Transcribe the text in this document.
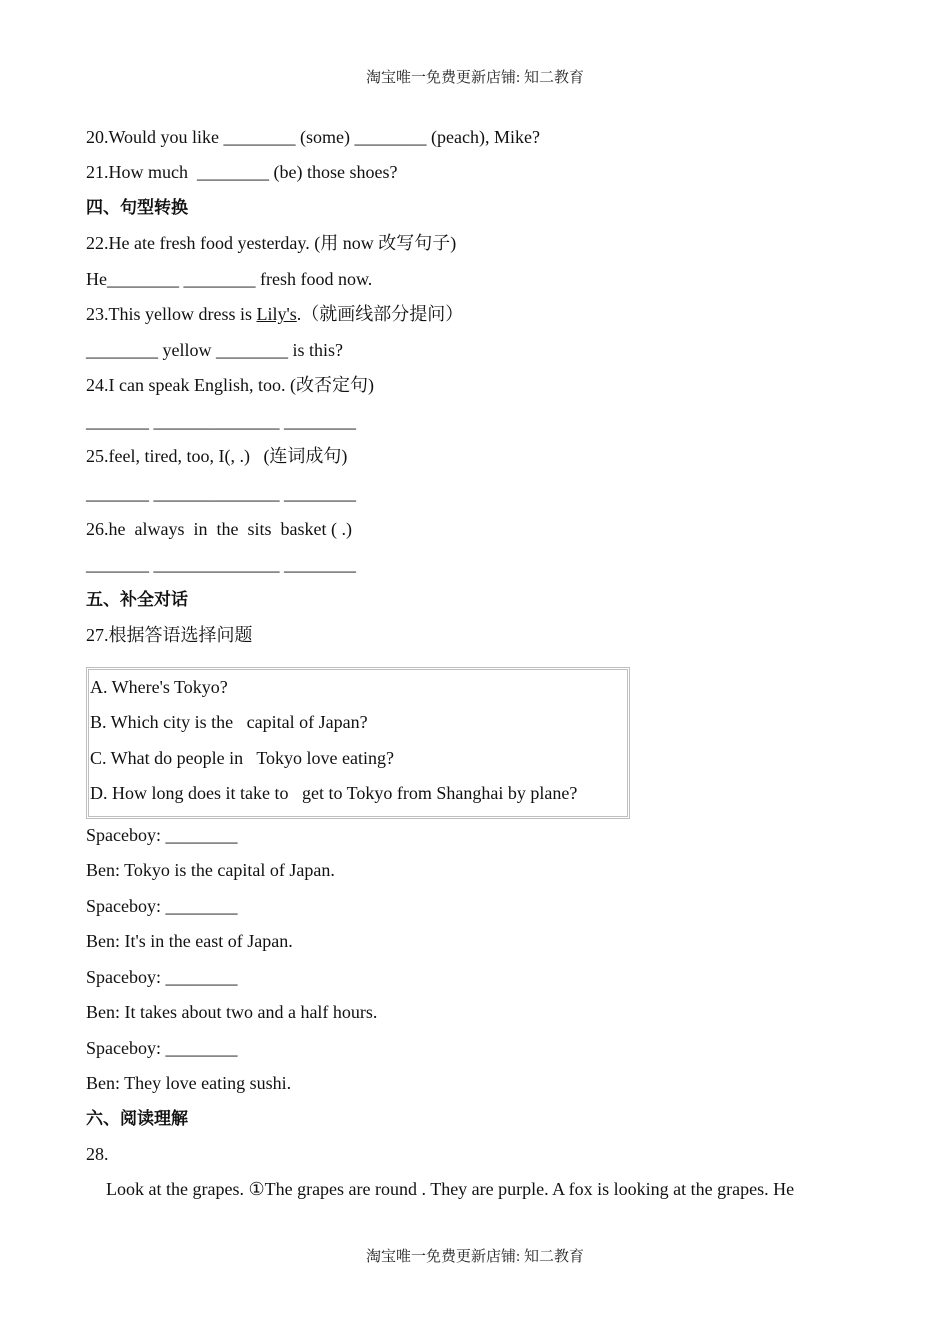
淘宝唯一免费更新店铺: 知二教育
20.Would you like ________ (some) ________ (peach), Mike?
21.How much  ________ (be) those shoes?
四、句型转换
22.He ate fresh food yesterday. (用 now 改写句子)
He________ ________ fresh food now.
23.This yellow dress is Lily's.（就画线部分提问）
________ yellow ________ is this?
24.I can speak English, too. (改否定句)
_______ ______________ ________
25.feel, tired, too, I(, .)   (连词成句)
_______ ______________ ________
26.he  always  in  the  sits  basket ( .)
_______ ______________ ________
五、补全对话
27.根据答语选择问题
A. Where's Tokyo?
B. Which city is the   capital of Japan?
C. What do people in   Tokyo love eating?
D. How long does it take to   get to Tokyo from Shanghai by plane?
Spaceboy: ________
Ben: Tokyo is the capital of Japan.
Spaceboy: ________
Ben: It's in the east of Japan.
Spaceboy: ________
Ben: It takes about two and a half hours.
Spaceboy: ________
Ben: They love eating sushi.
六、阅读理解
28.
Look at the grapes. ①The grapes are round . They are purple. A fox is looking at the grapes. He
淘宝唯一免费更新店铺: 知二教育
